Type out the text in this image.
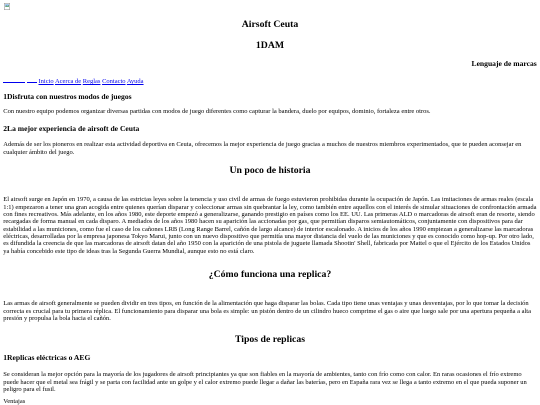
Airsoft Ceuta
1DAM
Lenguaje de marcas
Inicio Acerca de Reglas Contacto Ayuda
1Disfruta con nuestros modos de juegos

Con nuestro equipo podemos organizar diversas partidas con modos de juego diferentes como capturar la bandera, duelo por equipos, dominio, fortaleza entre otros.

2La mejor experiencia de airsoft de Ceuta

Además de ser los pioneros en realizar esta actividad deportiva en Ceuta, ofrecemos la mejor experiencia de juego gracias a muchos de nuestros miembros experimentados, que te pueden aconsejar en cualquier ámbito del juego.

Un poco de historia

El airsoft surge en Japón en 1970, a causa de las estrictas leyes sobre la tenencia y uso civil de armas de fuego estuvieron prohibidas durante la ocupación de Japón. Las imitaciones de armas reales (escala 1:1) empezaron a tener una gran acogida entre quienes querían disparar y coleccionar armas sin quebrantar la ley, como también entre aquellos con el interés de simular situaciones de confrontación armada con fines recreativos. Más adelante, en los años 1980, este deporte empezó a generalizarse, ganando prestigio en países como los EE. UU. Las primeras ALD o marcadoras de airsoft eran de resorte, siendo recargadas de forma manual en cada disparo. A mediados de los años 1980 hacen su aparición las accionadas por gas, que permitían disparos semiautomáticos, conjuntamente con dispositivos para dar estabilidad a las municiones, como fue el caso de los cañones LRB (Long Range Barrel, cañón de largo alcance) de interior escalonado. A inicios de los años 1990 empiezan a generalizarse las marcadoras eléctricas, desarrolladas por la empresa japonesa Tokyo Marui, junto con un nuevo dispositivo que permitía una mayor distancia del vuelo de las municiones y que es conocido como hop-up. Por otro lado, es difundida la creencia de que las marcadoras de airsoft datan del año 1950 con la aparición de una pistola de juguete llamada Shootin' Shell, fabricada por Mattel o que el Ejército de los Estados Unidos ya había concebido este tipo de ideas tras la Segunda Guerra Mundial, aunque esto no está claro.

¿Cómo funciona una replica?

Las armas de airsoft generalmente se pueden dividir en tres tipos, en función de la alimentación que haga disparar las bolas. Cada tipo tiene unas ventajas y unas desventajas, por lo que tomar la decisión correcta es crucial para tu primera réplica. El funcionamiento para disparar una bola es simple: un pistón dentro de un cilindro hueco comprime el gas o aire que luego sale por una apertura pequeña a alta presión y propulsa la bola hacia el cañón.

Tipos de replicas
1Replicas eléctricas o AEG

Se consideran la mejor opción para la mayoría de los jugadores de airsoft principiantes ya que son fiables en la mayoría de ambientes, tanto con frío como con calor. En raras ocasiones el frío extremo puede hacer que el metal sea frágil y se parta con facilidad ante un golpe y el calor extremo puede llegar a dañar las baterías, pero en España rara vez se llega a tanto extremo en el que pueda suponer un peligro para el fusil.

Ventajas
